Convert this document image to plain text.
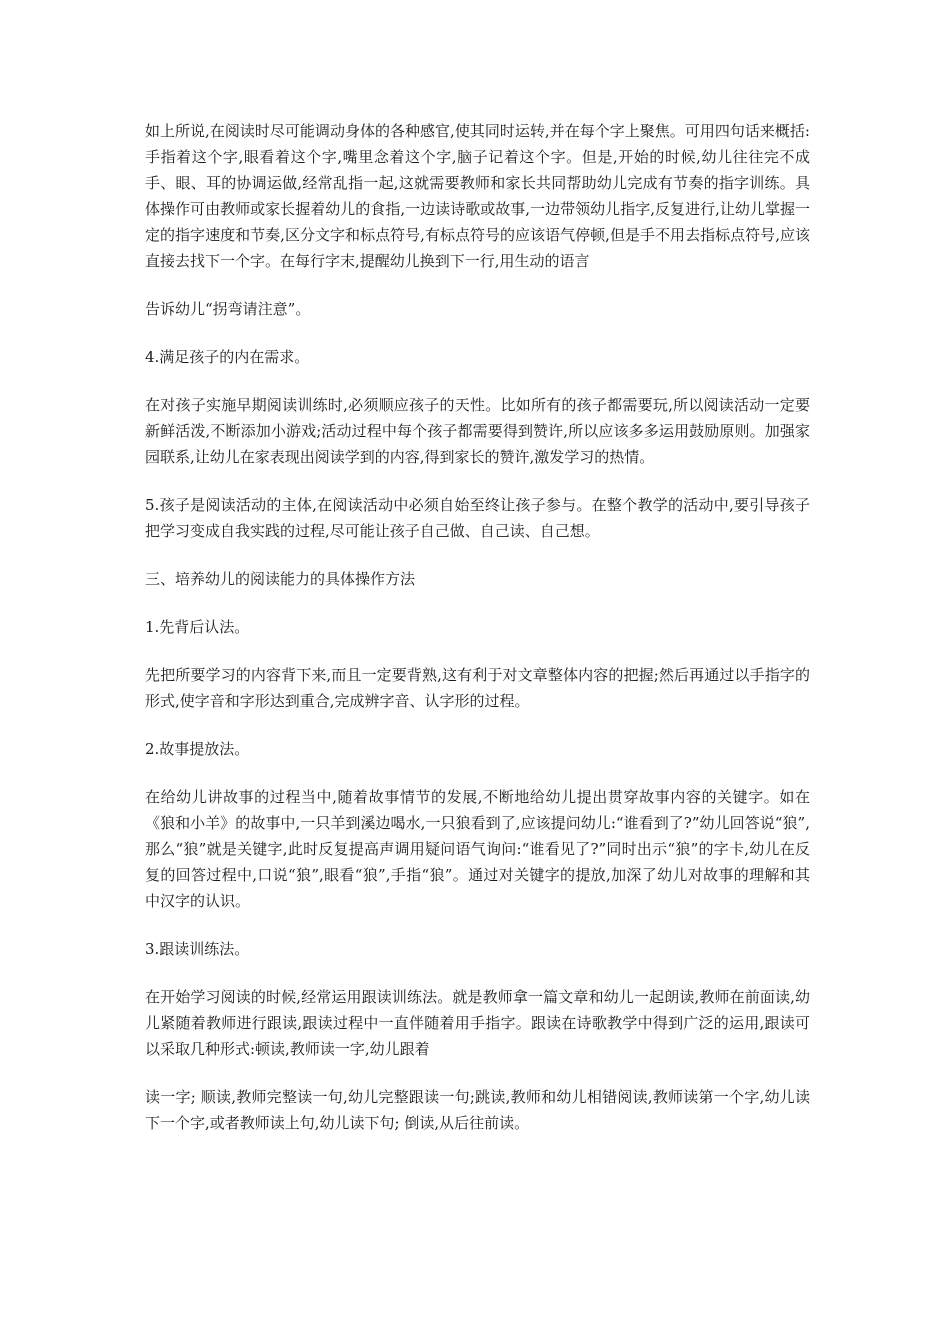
如上所说,在阅读时尽可能调动身体的各种感官,使其同时运转,并在每个字上聚焦。可用四句话来概括:手指着这个字,眼看着这个字,嘴里念着这个字,脑子记着这个字。但是,开始的时候,幼儿往往完不成手、眼、耳的协调运做,经常乱指一起,这就需要教师和家长共同帮助幼儿完成有节奏的指字训练。具体操作可由教师或家长握着幼儿的食指,一边读诗歌或故事,一边带领幼儿指字,反复进行,让幼儿掌握一定的指字速度和节奏,区分文字和标点符号,有标点符号的应该语气停顿,但是手不用去指标点符号,应该直接去找下一个字。在每行字末,提醒幼儿换到下一行,用生动的语言

告诉幼儿“拐弯请注意”。

4.满足孩子的内在需求。

在对孩子实施早期阅读训练时,必须顺应孩子的天性。比如所有的孩子都需要玩,所以阅读活动一定要新鲜活泼,不断添加小游戏;活动过程中每个孩子都需要得到赞许,所以应该多多运用鼓励原则。加强家园联系,让幼儿在家表现出阅读学到的内容,得到家长的赞许,激发学习的热情。

5.孩子是阅读活动的主体,在阅读活动中必须自始至终让孩子参与。在整个教学的活动中,要引导孩子把学习变成自我实践的过程,尽可能让孩子自己做、自己读、自己想。

三、培养幼儿的阅读能力的具体操作方法

1.先背后认法。

先把所要学习的内容背下来,而且一定要背熟,这有利于对文章整体内容的把握;然后再通过以手指字的形式,使字音和字形达到重合,完成辨字音、认字形的过程。

2.故事提放法。

在给幼儿讲故事的过程当中,随着故事情节的发展,不断地给幼儿提出贯穿故事内容的关键字。如在《狼和小羊》的故事中,一只羊到溪边喝水,一只狼看到了,应该提问幼儿:“谁看到了?”幼儿回答说“狼”,那么“狼”就是关键字,此时反复提高声调用疑问语气询问:“谁看见了?”同时出示“狼”的字卡,幼儿在反复的回答过程中,口说“狼”,眼看“狼”,手指“狼”。通过对关键字的提放,加深了幼儿对故事的理解和其中汉字的认识。

3.跟读训练法。

在开始学习阅读的时候,经常运用跟读训练法。就是教师拿一篇文章和幼儿一起朗读,教师在前面读,幼儿紧随着教师进行跟读,跟读过程中一直伴随着用手指字。跟读在诗歌教学中得到广泛的运用,跟读可以采取几种形式:顿读,教师读一字,幼儿跟着

读一字; 顺读,教师完整读一句,幼儿完整跟读一句;跳读,教师和幼儿相错阅读,教师读第一个字,幼儿读下一个字,或者教师读上句,幼儿读下句; 倒读,从后往前读。
